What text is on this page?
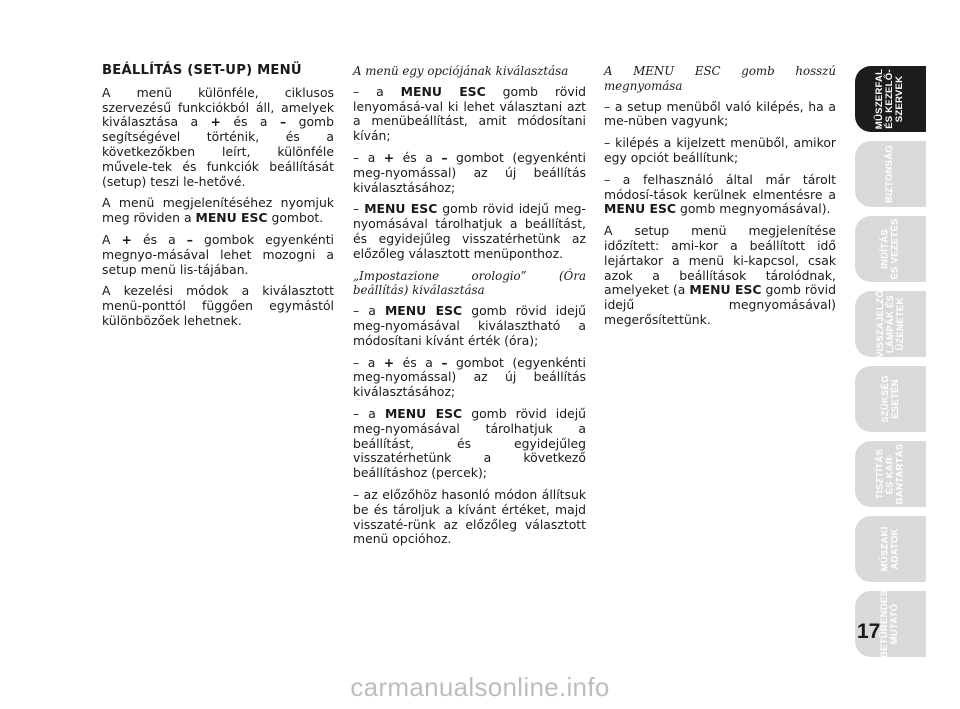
BEÁLLÍTÁS (SET-UP) MENÜ

A menü különféle, ciklusos szervezésű funkciókból áll, amelyek kiválasztása a + és a – gomb segítségével történik, és a következőkben leírt, különféle művele-tek és funkciók beállítását (setup) teszi le-hetővé.

A menü megjelenítéséhez nyomjuk meg röviden a MENU ESC gombot.

A + és a – gombok egyenkénti megnyo-másával lehet mozogni a setup menü lis-tájában.

A kezelési módok a kiválasztott menü-ponttól függően egymástól különbözőek lehetnek.

A menü egy opciójának kiválasztása

– a MENU ESC gomb rövid lenyomásá-val ki lehet választani azt a menübeállítást, amit módosítani kíván;

– a + és a – gombot (egyenkénti meg-nyomással) az új beállítás kiválasztásához;

– MENU ESC gomb rövid idejű meg-nyomásával tárolhatjuk a beállítást, és egyidejűleg visszatérhetünk az előzőleg választott menüponthoz.

„Impostazione orologio” (Óra beállítás) kiválasztása

– a MENU ESC gomb rövid idejű meg-nyomásával kiválasztható a módosítani kívánt érték (óra);

– a + és a – gombot (egyenkénti meg-nyomással) az új beállítás kiválasztásához;

– a MENU ESC gomb rövid idejű meg-nyomásával tárolhatjuk a beállítást, és egyidejűleg visszatérhetünk a következő beállításhoz (percek);

– az előzőhöz hasonló módon állítsuk be és tároljuk a kívánt értéket, majd visszaté-rünk az előzőleg választott menü opcióhoz.

A MENU ESC gomb hosszú megnyomása

– a setup menüből való kilépés, ha a me-nüben vagyunk;

– kilépés a kijelzett menüből, amikor egy opciót beállítunk;

– a felhasználó által már tárolt módosí-tások kerülnek elmentésre a MENU ESC gomb megnyomásával).

A setup menü megjelenítése időzített: ami-kor a beállított idő lejártakor a menü ki-kapcsol, csak azok a beállítások tárolódnak, amelyeket (a MENU ESC gomb rövid idejű megnyomásával) megerősítettünk.

MŰSZERFAL
ÉS KEZELŐ-
SZERVEK
BIZTONSÁG
INDÍTÁS
ÉS VEZETÉS
VISSZAJELZŐ
LÁMPÁK ÉS
ÜZENETEK
SZÜKSÉG
ESETÉN
TISZTÍTÁS
ÉS KAR-
BANTARTÁS
MŰSZAKI
ADATOK
BETŰRENDES
MUTATÓ
17
carmanualsonline.info
